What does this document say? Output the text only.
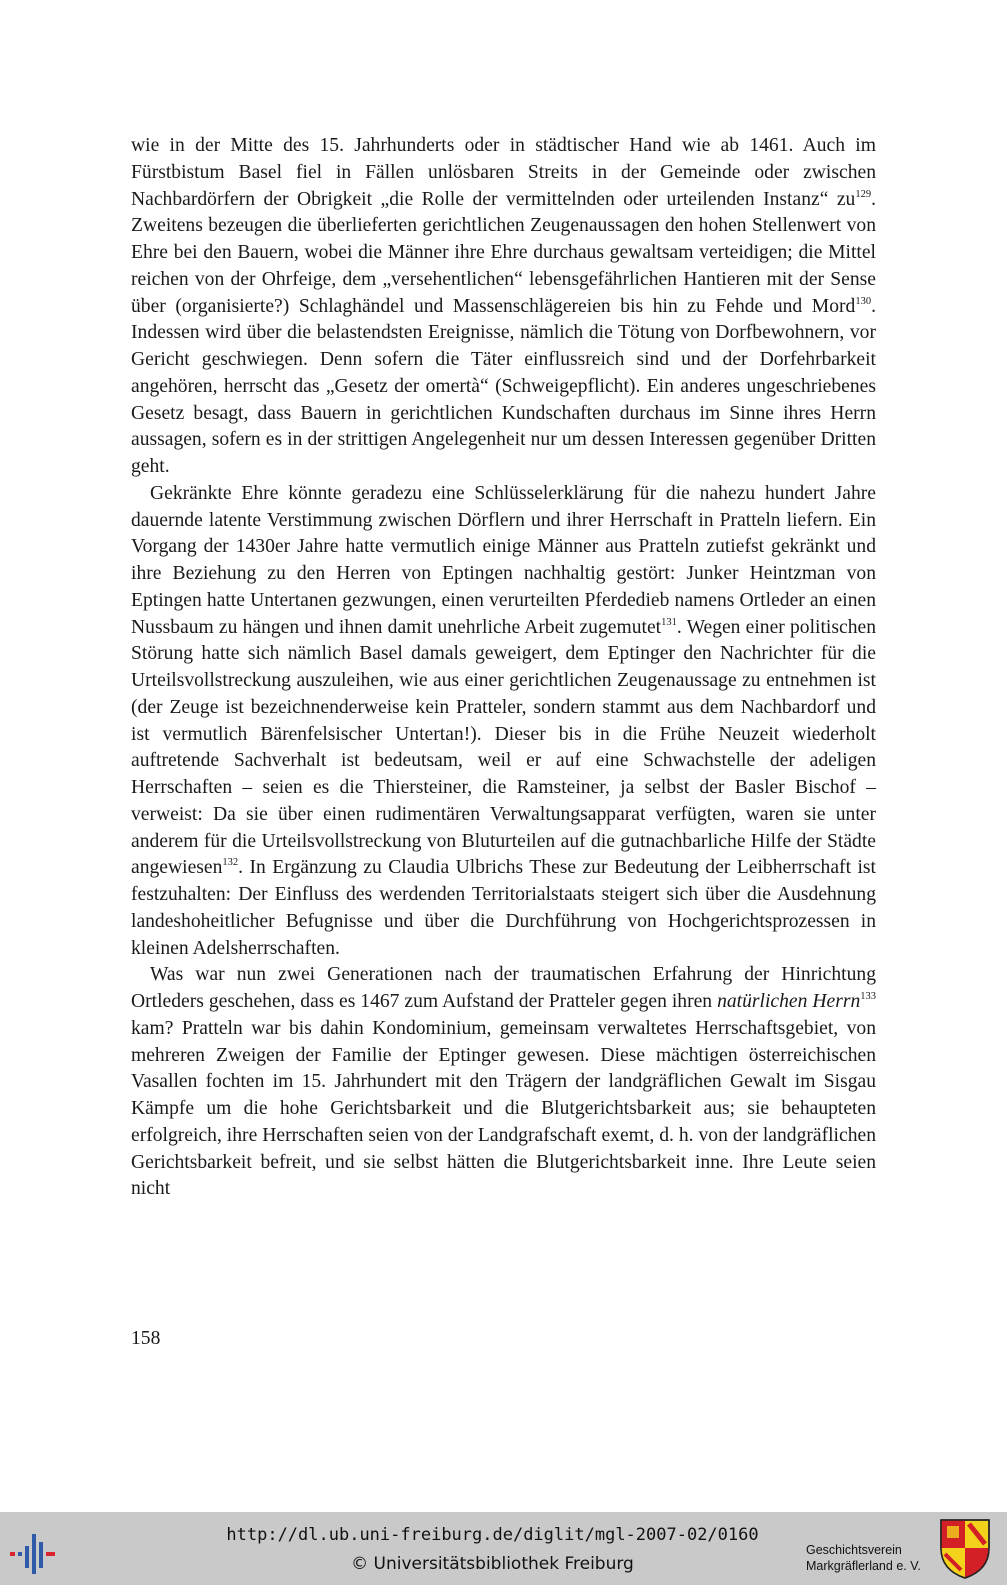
wie in der Mitte des 15. Jahrhunderts oder in städtischer Hand wie ab 1461. Auch im Fürstbistum Basel fiel in Fällen unlösbaren Streits in der Gemeinde oder zwischen Nachbardörfern der Obrigkeit „die Rolle der vermittelnden oder urteilenden Instanz“ zu$^{129}$. Zweitens bezeugen die überlieferten gerichtlichen Zeugenaussagen den hohen Stellenwert von Ehre bei den Bauern, wobei die Männer ihre Ehre durchaus gewaltsam verteidigen; die Mittel reichen von der Ohrfeige, dem „versehentlichen“ lebensgefährlichen Hantieren mit der Sense über (organisierte?) Schlaghändel und Massenschlägereien bis hin zu Fehde und Mord$^{130}$. Indessen wird über die belastendsten Ereignisse, nämlich die Tötung von Dorfbewohnern, vor Gericht geschwiegen. Denn sofern die Täter einflussreich sind und der Dorfehrbarkeit angehören, herrscht das „Gesetz der omertà“ (Schweigepflicht). Ein anderes ungeschriebenes Gesetz besagt, dass Bauern in gerichtlichen Kundschaften durchaus im Sinne ihres Herrn aussagen, sofern es in der strittigen Angelegenheit nur um dessen Interessen gegenüber Dritten geht.

Gekränkte Ehre könnte geradezu eine Schlüsselerklärung für die nahezu hundert Jahre dauernde latente Verstimmung zwischen Dörflern und ihrer Herrschaft in Pratteln liefern. Ein Vorgang der 1430er Jahre hatte vermutlich einige Männer aus Pratteln zutiefst gekränkt und ihre Beziehung zu den Herren von Eptingen nachhaltig gestört: Junker Heintzman von Eptingen hatte Untertanen gezwungen, einen verurteilten Pferdedieb namens Ortleder an einen Nussbaum zu hängen und ihnen damit unehrliche Arbeit zugemutet$^{131}$. Wegen einer politischen Störung hatte sich nämlich Basel damals geweigert, dem Eptinger den Nachrichter für die Urteilsvollstreckung auszuleihen, wie aus einer gerichtlichen Zeugenaussage zu entnehmen ist (der Zeuge ist bezeichnenderweise kein Pratteler, sondern stammt aus dem Nachbardorf und ist vermutlich Bärenfelsischer Untertan!). Dieser bis in die Frühe Neuzeit wiederholt auftretende Sachverhalt ist bedeutsam, weil er auf eine Schwachstelle der adeligen Herrschaften – seien es die Thiersteiner, die Ramsteiner, ja selbst der Basler Bischof – verweist: Da sie über einen rudimentären Verwaltungsapparat verfügten, waren sie unter anderem für die Urteilsvollstreckung von Bluturteilen auf die gutnachbarliche Hilfe der Städte angewiesen$^{132}$. In Ergänzung zu Claudia Ulbrichs These zur Bedeutung der Leibherrschaft ist festzuhalten: Der Einfluss des werdenden Territorialstaats steigert sich über die Ausdehnung landeshoheitlicher Befugnisse und über die Durchführung von Hochgerichtsprozessen in kleinen Adelsherrschaften.

Was war nun zwei Generationen nach der traumatischen Erfahrung der Hinrichtung Ortleders geschehen, dass es 1467 zum Aufstand der Pratteler gegen ihren natürlichen Herrn$^{133}$ kam? Pratteln war bis dahin Kondominium, gemeinsam verwaltetes Herrschaftsgebiet, von mehreren Zweigen der Familie der Eptinger gewesen. Diese mächtigen österreichischen Vasallen fochten im 15. Jahrhundert mit den Trägern der landgräflichen Gewalt im Sisgau Kämpfe um die hohe Gerichtsbarkeit und die Blutgerichtsbarkeit aus; sie behaupteten erfolgreich, ihre Herrschaften seien von der Landgrafschaft exemt, d. h. von der landgräflichen Gerichtsbarkeit befreit, und sie selbst hätten die Blutgerichtsbarkeit inne. Ihre Leute seien nicht

158
http://dl.ub.uni-freiburg.de/diglit/mgl-2007-02/0160
© Universitätsbibliothek Freiburg
Geschichtsverein
Markgräflerland e. V.
